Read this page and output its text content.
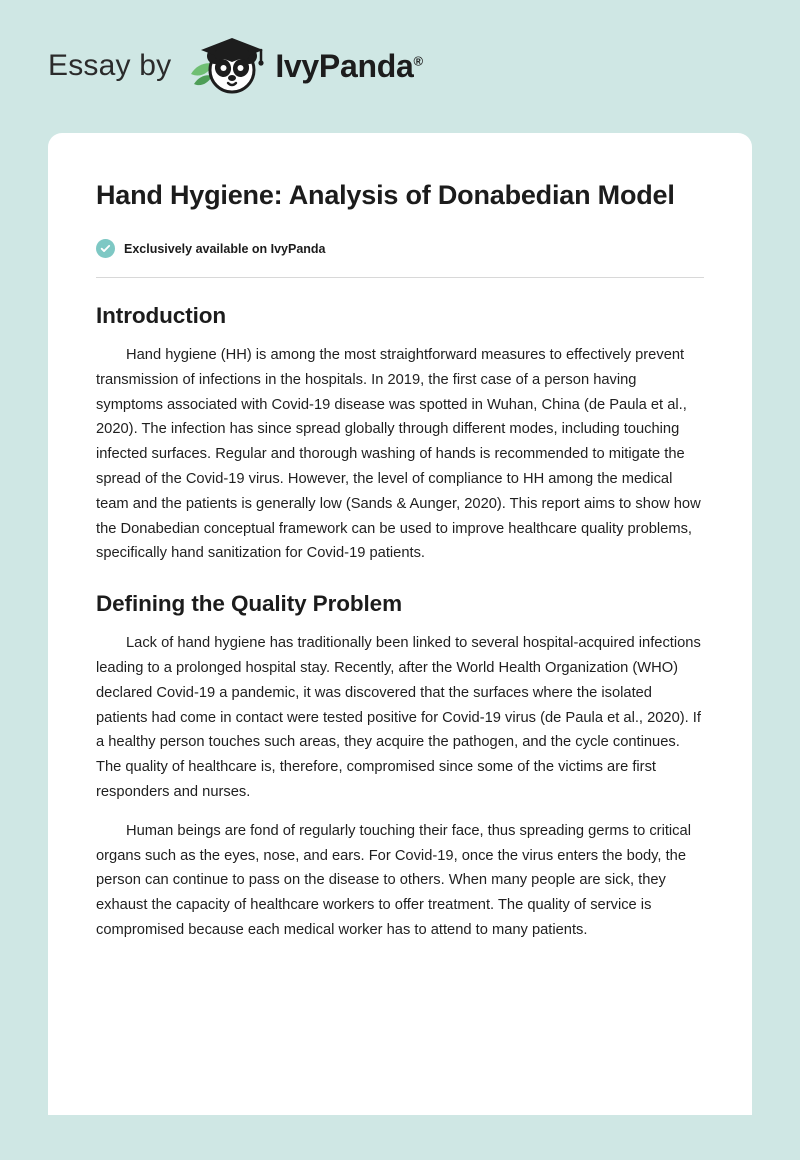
Essay by	IvyPanda®
Hand Hygiene: Analysis of Donabedian Model
Exclusively available on IvyPanda
Introduction

Hand hygiene (HH) is among the most straightforward measures to effectively prevent transmission of infections in the hospitals. In 2019, the first case of a person having symptoms associated with Covid-19 disease was spotted in Wuhan, China (de Paula et al., 2020). The infection has since spread globally through different modes, including touching infected surfaces. Regular and thorough washing of hands is recommended to mitigate the spread of the Covid-19 virus. However, the level of compliance to HH among the medical team and the patients is generally low (Sands & Aunger, 2020). This report aims to show how the Donabedian conceptual framework can be used to improve healthcare quality problems, specifically hand sanitization for Covid-19 patients.

Defining the Quality Problem

Lack of hand hygiene has traditionally been linked to several hospital-acquired infections leading to a prolonged hospital stay. Recently, after the World Health Organization (WHO) declared Covid-19 a pandemic, it was discovered that the surfaces where the isolated patients had come in contact were tested positive for Covid-19 virus (de Paula et al., 2020). If a healthy person touches such areas, they acquire the pathogen, and the cycle continues. The quality of healthcare is, therefore, compromised since some of the victims are first responders and nurses.

Human beings are fond of regularly touching their face, thus spreading germs to critical organs such as the eyes, nose, and ears. For Covid-19, once the virus enters the body, the person can continue to pass on the disease to others. When many people are sick, they exhaust the capacity of healthcare workers to offer treatment. The quality of service is compromised because each medical worker has to attend to many patients.
